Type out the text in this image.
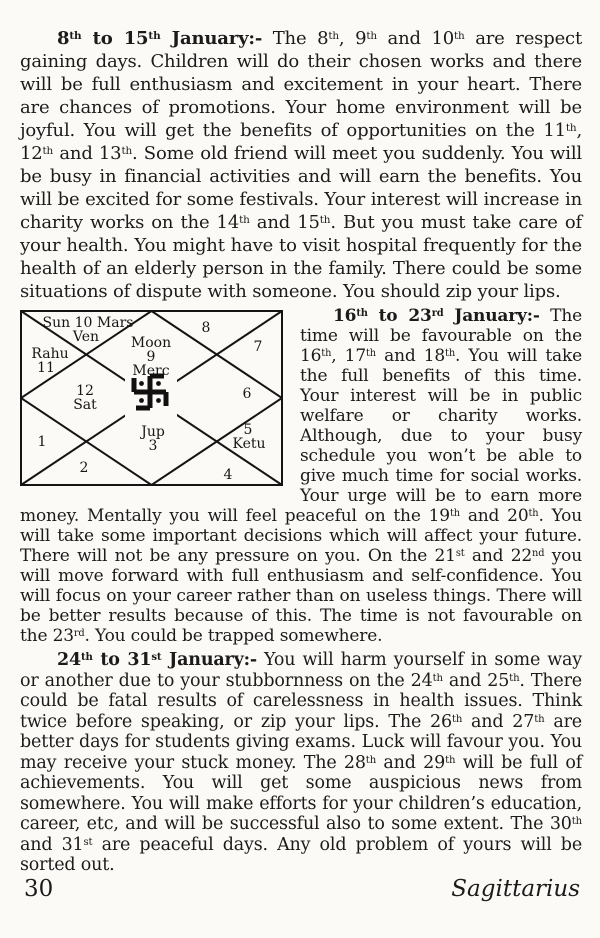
8th to 15th January:- The 8th, 9th and 10th are respect gaining days. Children will do their chosen works and there will be full enthusiasm and excitement in your heart. There are chances of promotions. Your home environment will be joyful. You will get the benefits of opportunities on the 11th, 12th and 13th. Some old friend will meet you suddenly. You will be busy in financial activities and will earn the benefits. You will be excited for some festivals. Your interest will increase in charity works on the 14th and 15th. But you must take care of your health. You might have to visit hospital frequently for the health of an elderly person in the family. There could be some situations of dispute with someone. You should zip your lips.

Sun 10 Mars
Ven Moon
9
Merc
8
7
Rahu
11
12
Sat
6
Jup
3
5
Ketu
1
2	4

16th to 23rd January:- The time will be favourable on the 16th, 17th and 18th. You will take the full benefits of this time. Your interest will be in public welfare or charity works. Although, due to your busy schedule you won’t be able to give much time for social works. Your urge will be to earn more money. Mentally you will feel peaceful on the 19th and 20th. You will take some important decisions which will affect your future. There will not be any pressure on you. On the 21st and 22nd you will move forward with full enthusiasm and self-confidence. You will focus on your career rather than on useless things. There will be better results because of this. The time is not favourable on the 23rd. You could be trapped somewhere.

24th to 31st January:- You will harm yourself in some way or another due to your stubbornness on the 24th and 25th. There could be fatal results of carelessness in health issues. Think twice before speaking, or zip your lips. The 26th and 27th are better days for students giving exams. Luck will favour you. You may receive your stuck money. The 28th and 29th will be full of achievements. You will get some auspicious news from somewhere. You will make efforts for your children’s education, career, etc, and will be successful also to some extent. The 30th and 31st are peaceful days. Any old problem of yours will be sorted out.

30	Sagittarius
